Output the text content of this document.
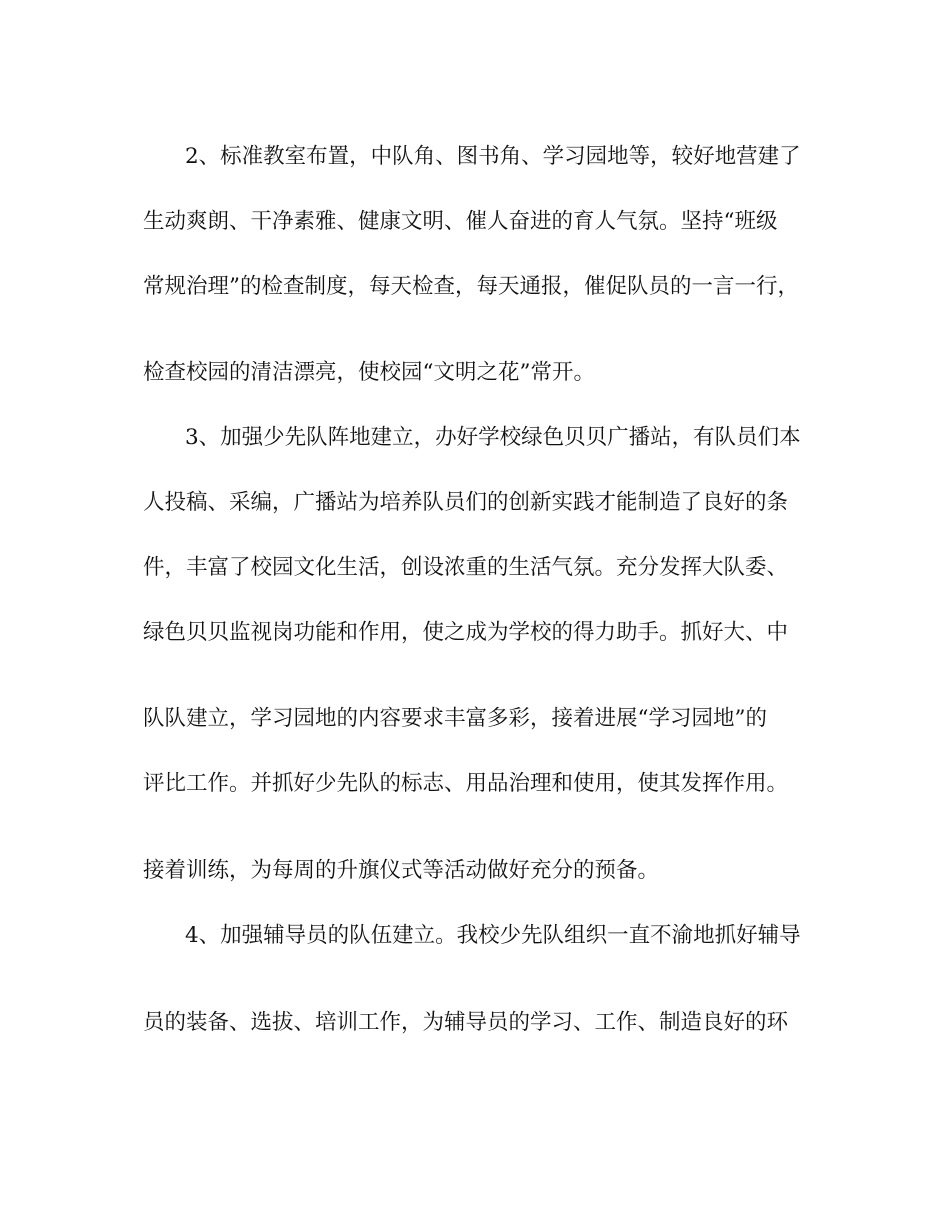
2、标准教室布置，中队角、图书角、学习园地等，较好地营建了
生动爽朗、干净素雅、健康文明、催人奋进的育人气氛。坚持“班级
常规治理”的检查制度，每天检查，每天通报，催促队员的一言一行，
检查校园的清洁漂亮，使校园“文明之花”常开。
3、加强少先队阵地建立，办好学校绿色贝贝广播站，有队员们本
人投稿、采编，广播站为培养队员们的创新实践才能制造了良好的条
件，丰富了校园文化生活，创设浓重的生活气氛。充分发挥大队委、
绿色贝贝监视岗功能和作用，使之成为学校的得力助手。抓好大、中
队队建立，学习园地的内容要求丰富多彩，接着进展“学习园地”的
评比工作。并抓好少先队的标志、用品治理和使用，使其发挥作用。
接着训练，为每周的升旗仪式等活动做好充分的预备。
4、加强辅导员的队伍建立。我校少先队组织一直不渝地抓好辅导
员的装备、选拔、培训工作，为辅导员的学习、工作、制造良好的环
